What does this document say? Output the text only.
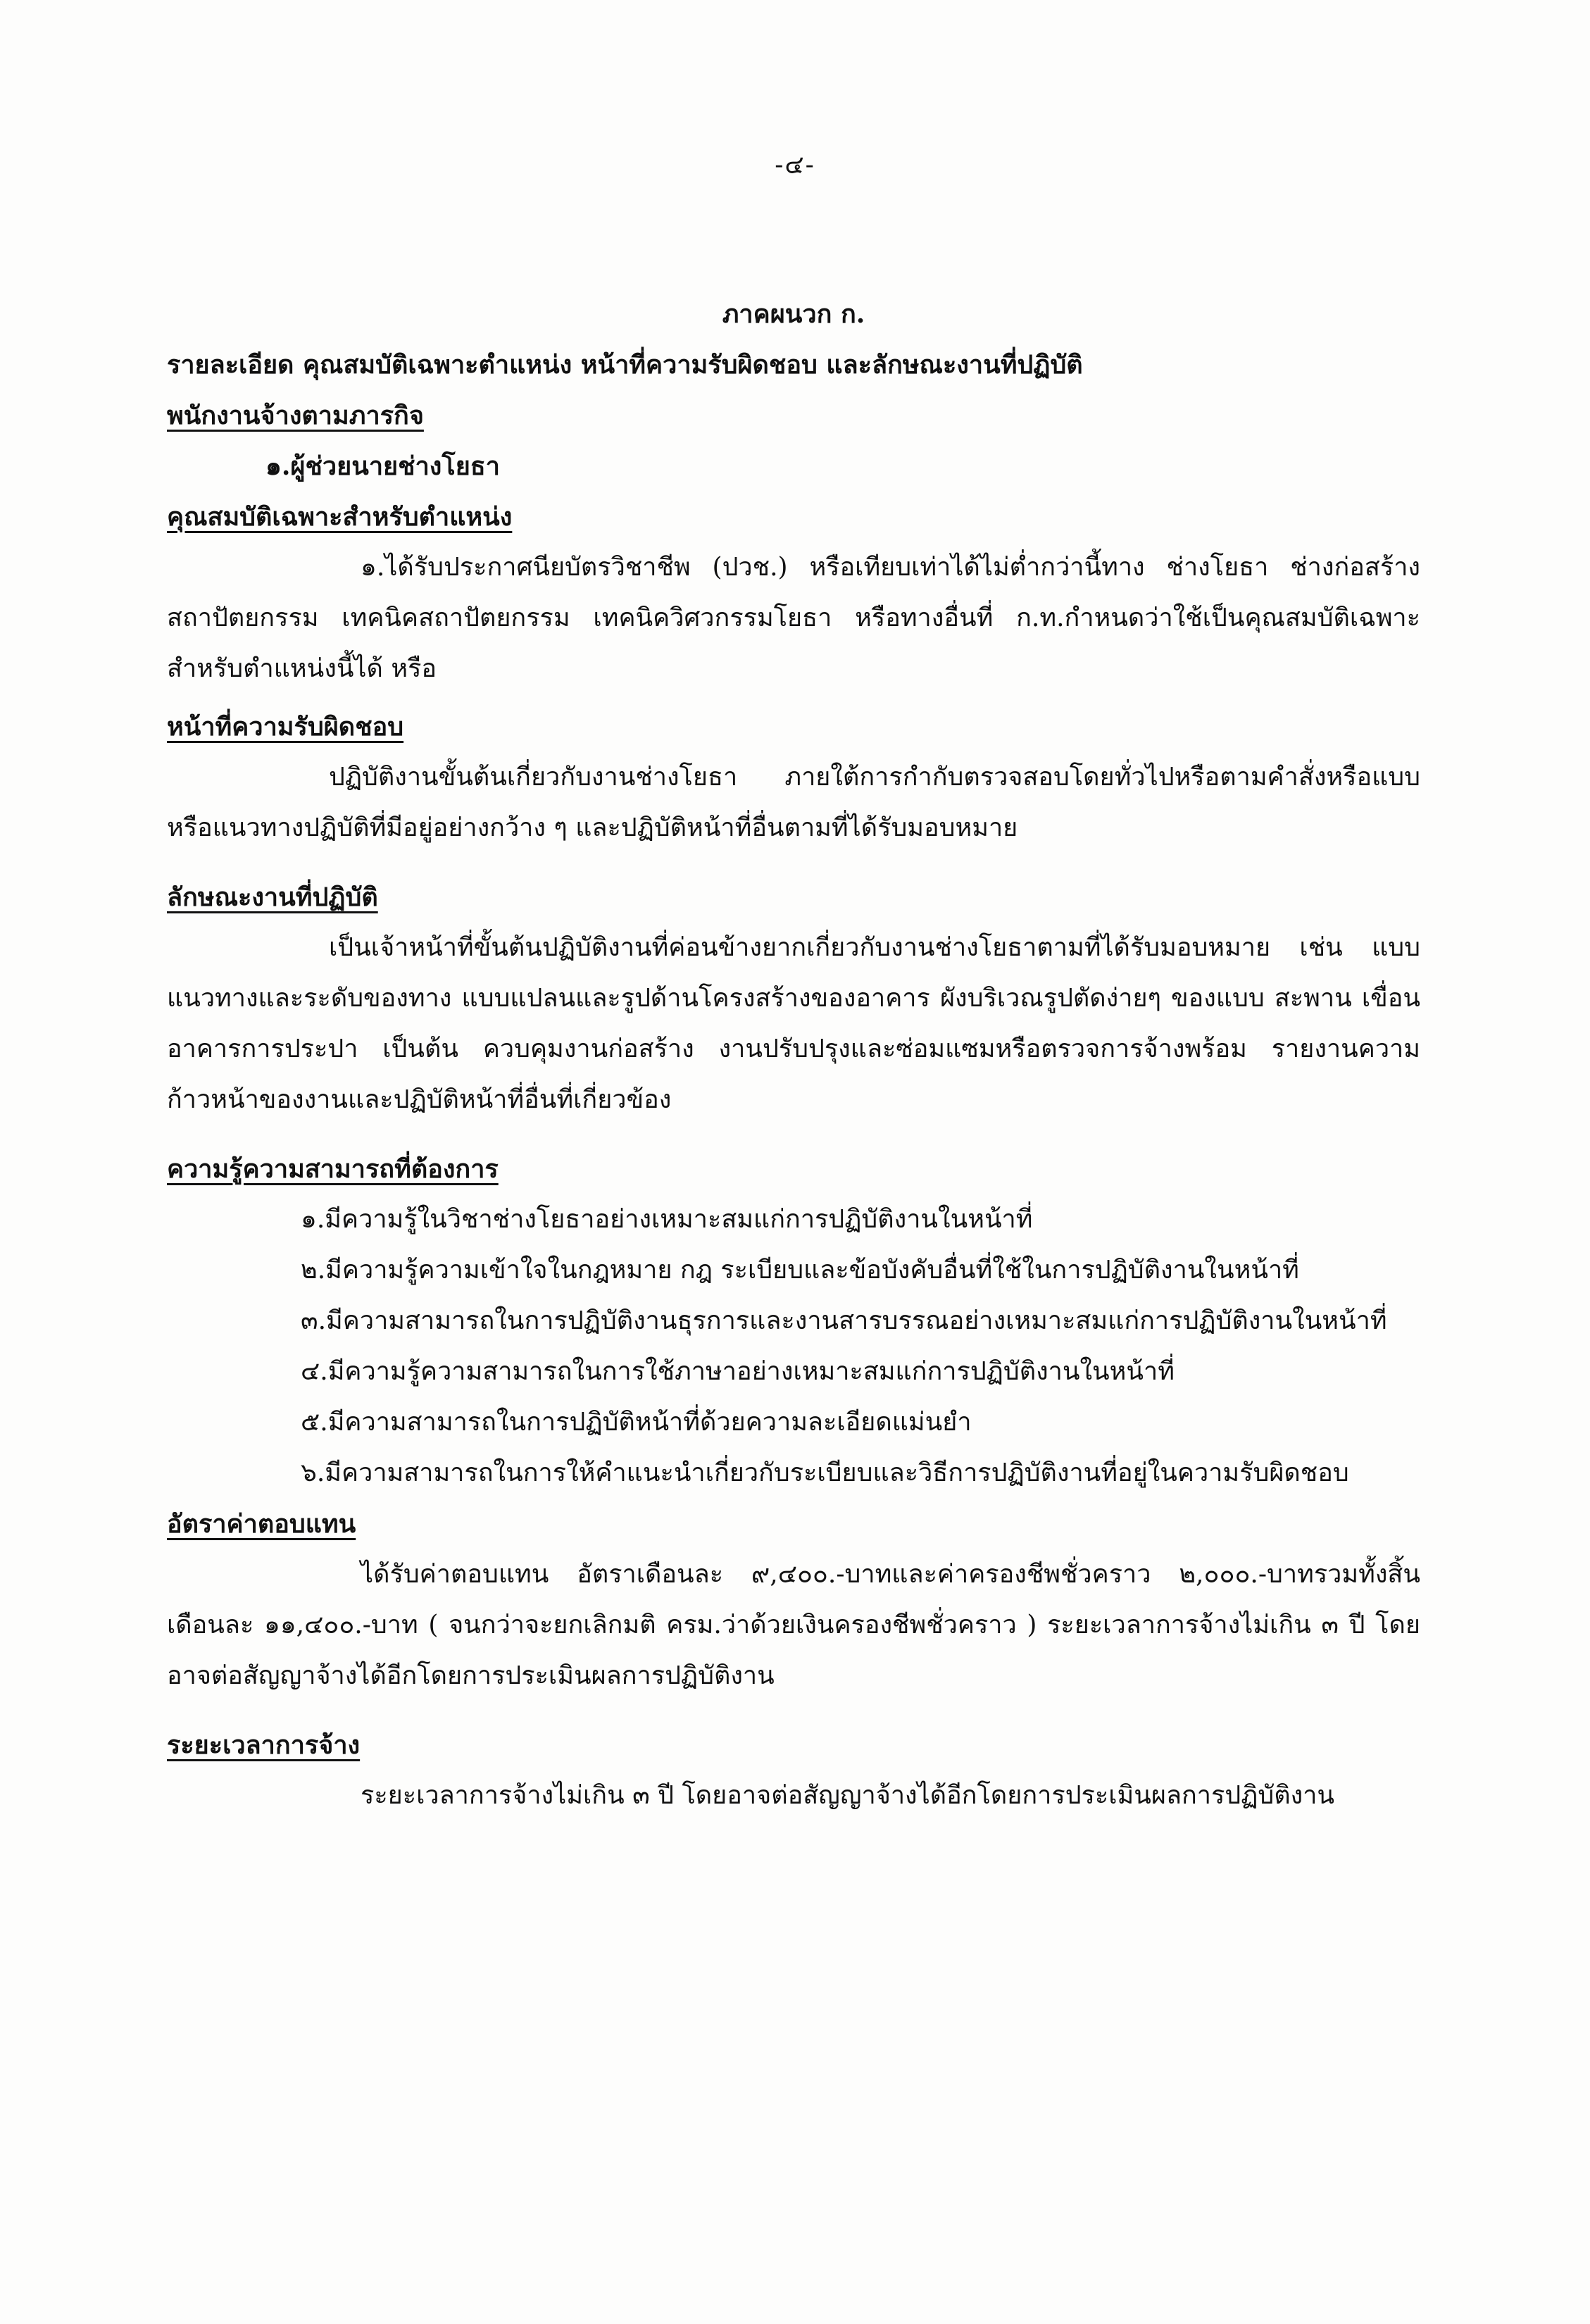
-๔-
ภาคผนวก ก.
รายละเอียด คุณสมบัติเฉพาะตำแหน่ง หน้าที่ความรับผิดชอบ และลักษณะงานที่ปฏิบัติ
พนักงานจ้างตามภารกิจ
๑.ผู้ช่วยนายช่างโยธา
คุณสมบัติเฉพาะสำหรับตำแหน่ง
๑.ได้รับประกาศนียบัตรวิชาชีพ (ปวช.) หรือเทียบเท่าได้ไม่ต่ำกว่านี้ทาง ช่างโยธา ช่างก่อสร้าง สถาปัตยกรรม เทคนิคสถาปัตยกรรม เทคนิควิศวกรรมโยธา หรือทางอื่นที่ ก.ท.กำหนดว่าใช้เป็นคุณสมบัติเฉพาะสำหรับตำแหน่งนี้ได้ หรือ
หน้าที่ความรับผิดชอบ
ปฏิบัติงานขั้นต้นเกี่ยวกับงานช่างโยธา ภายใต้การกำกับตรวจสอบโดยทั่วไปหรือตามคำสั่งหรือแบบ หรือแนวทางปฏิบัติที่มีอยู่อย่างกว้าง ๆ และปฏิบัติหน้าที่อื่นตามที่ได้รับมอบหมาย
ลักษณะงานที่ปฏิบัติ
เป็นเจ้าหน้าที่ขั้นต้นปฏิบัติงานที่ค่อนข้างยากเกี่ยวกับงานช่างโยธาตามที่ได้รับมอบหมาย เช่น แบบแนวทางและระดับของทาง แบบแปลนและรูปด้านโครงสร้างของอาคาร ผังบริเวณรูปตัดง่ายๆ ของแบบ สะพาน เขื่อน อาคารการประปา เป็นต้น ควบคุมงานก่อสร้าง งานปรับปรุงและซ่อมแซมหรือตรวจการจ้างพร้อม รายงานความก้าวหน้าของงานและปฏิบัติหน้าที่อื่นที่เกี่ยวข้อง
ความรู้ความสามารถที่ต้องการ
๑.มีความรู้ในวิชาช่างโยธาอย่างเหมาะสมแก่การปฏิบัติงานในหน้าที่
๒.มีความรู้ความเข้าใจในกฎหมาย กฎ ระเบียบและข้อบังคับอื่นที่ใช้ในการปฏิบัติงานในหน้าที่
๓.มีความสามารถในการปฏิบัติงานธุรการและงานสารบรรณอย่างเหมาะสมแก่การปฏิบัติงานในหน้าที่
๔.มีความรู้ความสามารถในการใช้ภาษาอย่างเหมาะสมแก่การปฏิบัติงานในหน้าที่
๕.มีความสามารถในการปฏิบัติหน้าที่ด้วยความละเอียดแม่นยำ
๖.มีความสามารถในการให้คำแนะนำเกี่ยวกับระเบียบและวิธีการปฏิบัติงานที่อยู่ในความรับผิดชอบ
อัตราค่าตอบแทน
ได้รับค่าตอบแทน อัตราเดือนละ ๙,๔๐๐.-บาทและค่าครองชีพชั่วคราว ๒,๐๐๐.-บาทรวมทั้งสิ้น เดือนละ ๑๑,๔๐๐.-บาท ( จนกว่าจะยกเลิกมติ ครม.ว่าด้วยเงินครองชีพชั่วคราว ) ระยะเวลาการจ้างไม่เกิน ๓ ปี โดยอาจต่อสัญญาจ้างได้อีกโดยการประเมินผลการปฏิบัติงาน
ระยะเวลาการจ้าง
ระยะเวลาการจ้างไม่เกิน ๓ ปี โดยอาจต่อสัญญาจ้างได้อีกโดยการประเมินผลการปฏิบัติงาน
